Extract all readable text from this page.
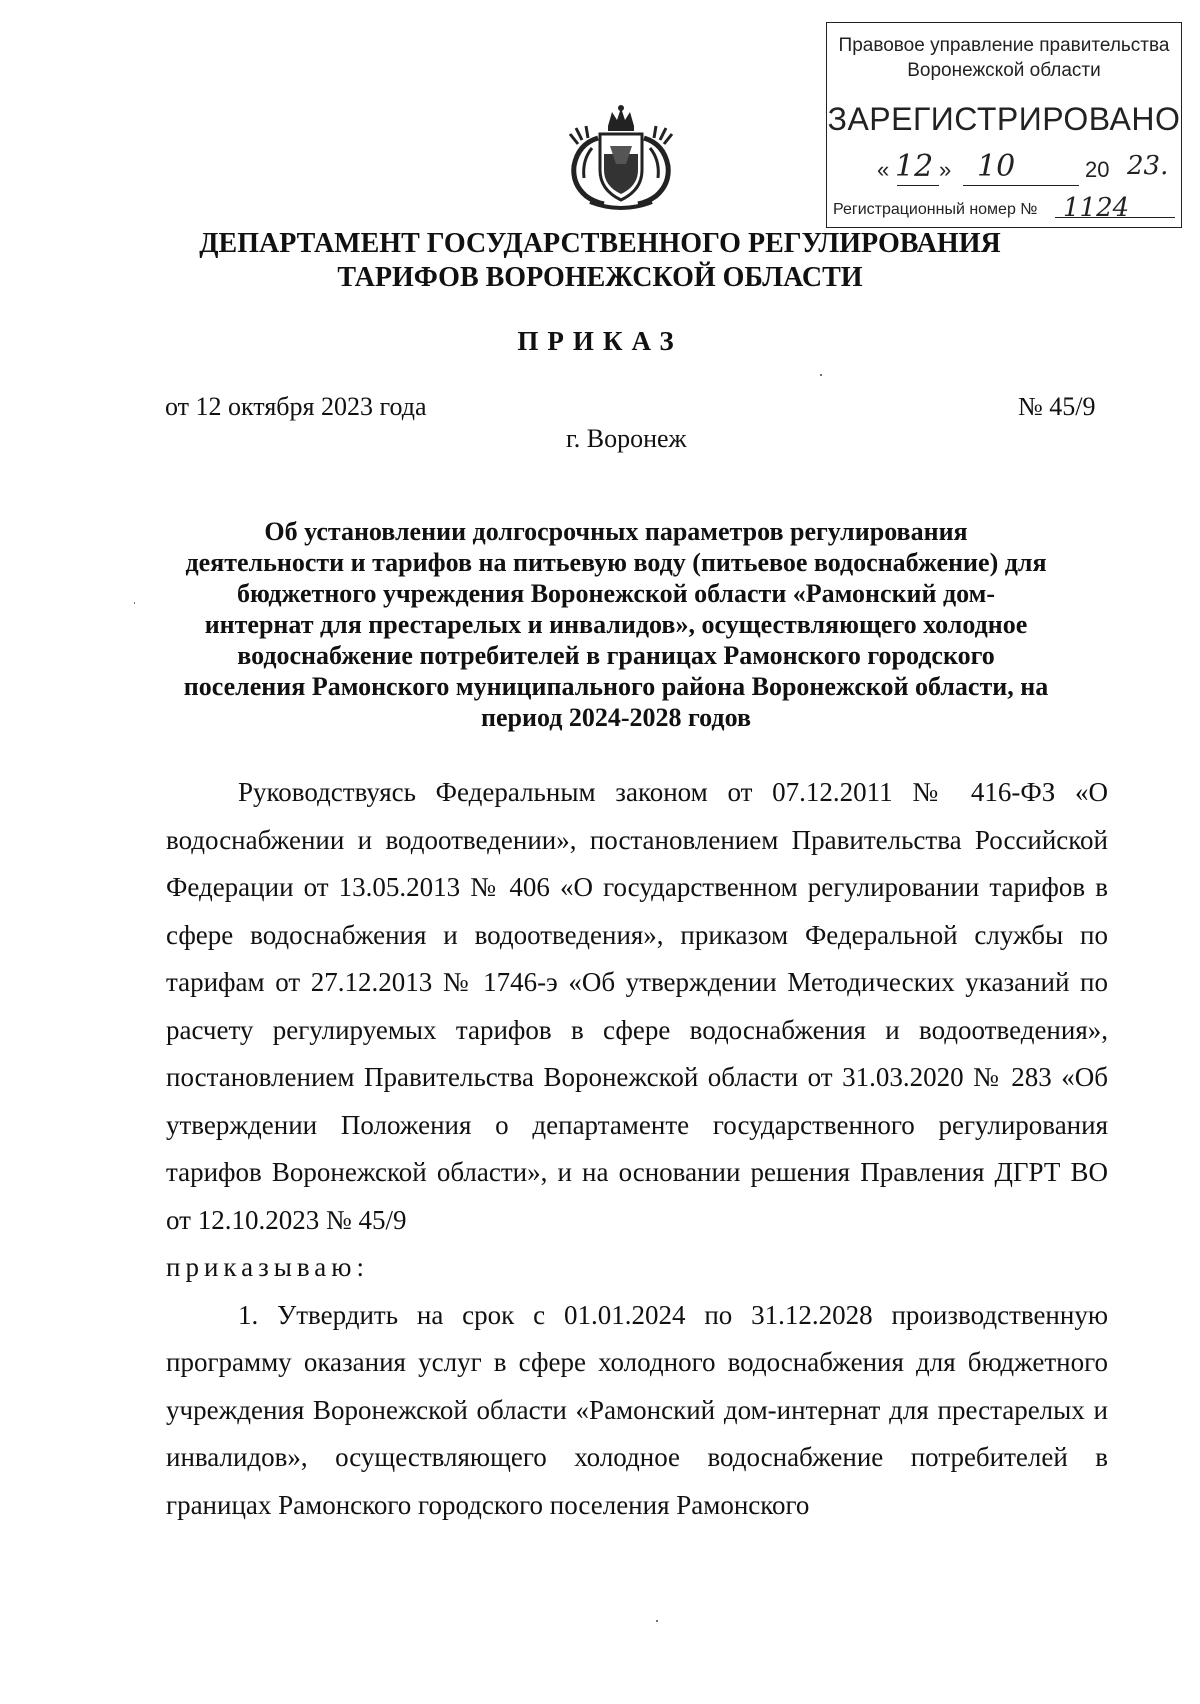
Правовое управление правительства
Воронежской области
ЗАРЕГИСТРИРОВАНО
« 12 » 10	20 23.
Регистрационный номер № 1124
ДЕПАРТАМЕНТ ГОСУДАРСТВЕННОГО РЕГУЛИРОВАНИЯ
ТАРИФОВ ВОРОНЕЖСКОЙ ОБЛАСТИ
ПРИКАЗ
от 12 октября 2023 года	№ 45/9
г. Воронеж
Об установлении долгосрочных параметров регулирования
деятельности и тарифов на питьевую воду (питьевое водоснабжение) для
бюджетного учреждения Воронежской области «Рамонский дом-
интернат для престарелых и инвалидов», осуществляющего холодное
водоснабжение потребителей в границах Рамонского городского
поселения Рамонского муниципального района Воронежской области, на
период 2024-2028 годов
Руководствуясь Федеральным законом от 07.12.2011 № 416-ФЗ «О водоснабжении и водоотведении», постановлением Правительства Российской Федерации от 13.05.2013 № 406 «О государственном регулировании тарифов в сфере водоснабжения и водоотведения», приказом Федеральной службы по тарифам от 27.12.2013 № 1746-э «Об утверждении Методических указаний по расчету регулируемых тарифов в сфере водоснабжения и водоотведения», постановлением Правительства Воронежской области от 31.03.2020 № 283 «Об утверждении Положения о департаменте государственного регулирования тарифов Воронежской области», и на основании решения Правления ДГРТ ВО от 12.10.2023 № 45/9
приказываю:
1. Утвердить на срок с 01.01.2024 по 31.12.2028 производственную программу оказания услуг в сфере холодного водоснабжения для бюджетного учреждения Воронежской области «Рамонский дом-интернат для престарелых и инвалидов», осуществляющего холодное водоснабжение потребителей в границах Рамонского городского поселения Рамонского
